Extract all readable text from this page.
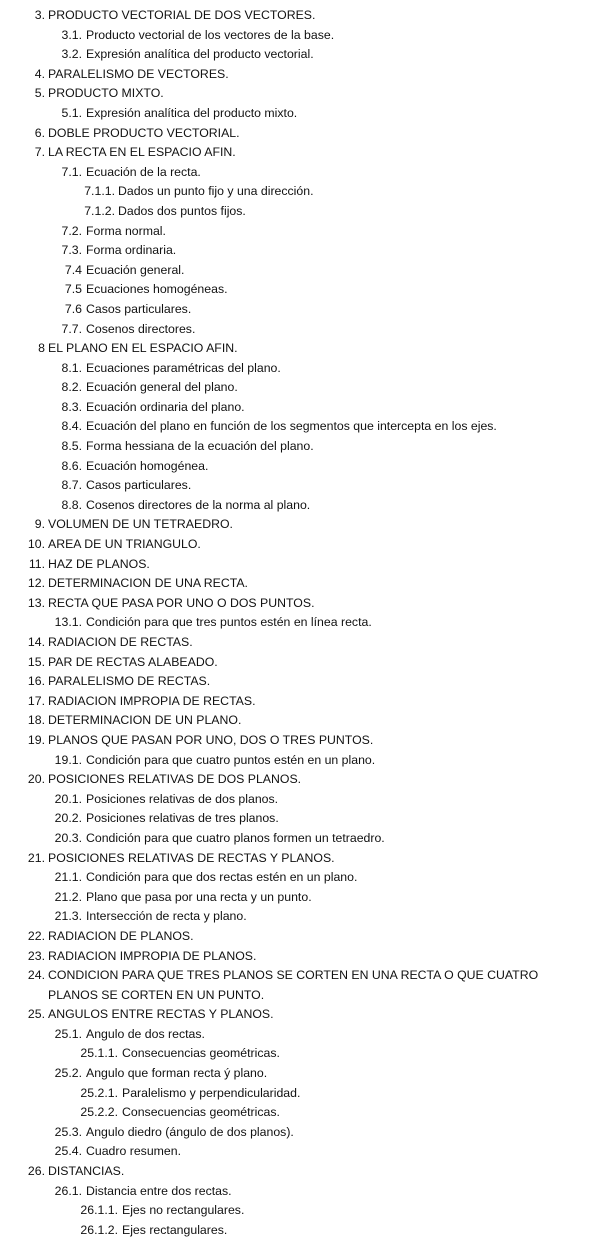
3. PRODUCTO VECTORIAL DE DOS VECTORES.
3.1. Producto vectorial de los vectores de la base.
3.2. Expresión analítica del producto vectorial.
4. PARALELISMO DE VECTORES.
5. PRODUCTO MIXTO.
5.1. Expresión analítica del producto mixto.
6. DOBLE PRODUCTO VECTORIAL.
7. LA RECTA EN EL ESPACIO AFIN.
7.1. Ecuación de la recta.
7.1.1. Dados un punto fijo y una dirección.
7.1.2. Dados dos puntos fijos.
7.2. Forma normal.
7.3. Forma ordinaria.
7.4 Ecuación general.
7.5 Ecuaciones homogéneas.
7.6 Casos particulares.
7.7. Cosenos directores.
8 EL PLANO EN EL ESPACIO AFIN.
8.1. Ecuaciones paramétricas del plano.
8.2. Ecuación general del plano.
8.3. Ecuación ordinaria del plano.
8.4. Ecuación del plano en función de los segmentos que intercepta en los ejes.
8.5. Forma hessiana de la ecuación del plano.
8.6. Ecuación homogénea.
8.7. Casos particulares.
8.8. Cosenos directores de la norma al plano.
9. VOLUMEN DE UN TETRAEDRO.
10. AREA DE UN TRIANGULO.
11. HAZ DE PLANOS.
12. DETERMINACION DE UNA RECTA.
13. RECTA QUE PASA POR UNO O DOS PUNTOS.
13.1. Condición para que tres puntos estén en línea recta.
14. RADIACION DE RECTAS.
15. PAR DE RECTAS ALABEADO.
16. PARALELISMO DE RECTAS.
17. RADIACION IMPROPIA DE RECTAS.
18. DETERMINACION DE UN PLANO.
19. PLANOS QUE PASAN POR UNO, DOS O TRES PUNTOS.
19.1. Condición para que cuatro puntos estén en un plano.
20. POSICIONES RELATIVAS DE DOS PLANOS.
20.1. Posiciones relativas de dos planos.
20.2. Posiciones relativas de tres planos.
20.3. Condición para que cuatro planos formen un tetraedro.
21. POSICIONES RELATIVAS DE RECTAS Y PLANOS.
21.1. Condición para que dos rectas estén en un plano.
21.2. Plano que pasa por una recta y un punto.
21.3. Intersección de recta y plano.
22. RADIACION DE PLANOS.
23. RADIACION IMPROPIA DE PLANOS.
24. CONDICION PARA QUE TRES PLANOS SE CORTEN EN UNA RECTA O QUE CUATRO
PLANOS SE CORTEN EN UN PUNTO.
25. ANGULOS ENTRE RECTAS Y PLANOS.
25.1. Angulo de dos rectas.
25.1.1. Consecuencias geométricas.
25.2. Angulo que forman recta ý plano.
25.2.1. Paralelismo y perpendicularidad.
25.2.2. Consecuencias geométricas.
25.3. Angulo diedro (ángulo de dos planos).
25.4. Cuadro resumen.
26. DISTANCIAS.
26.1. Distancia entre dos rectas.
26.1.1. Ejes no rectangulares.
26.1.2. Ejes rectangulares.
